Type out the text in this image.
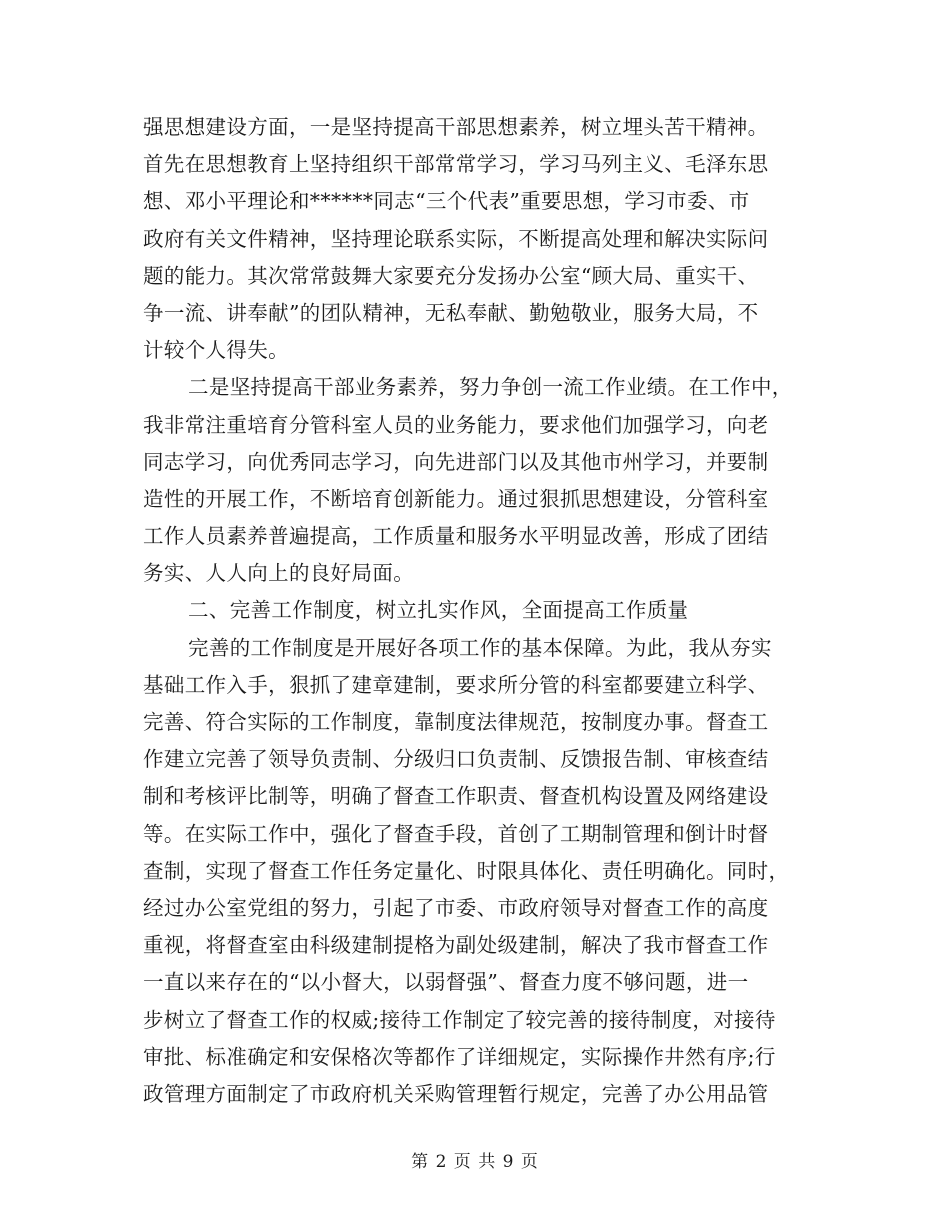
强思想建设方面，一是坚持提高干部思想素养，树立埋头苦干精神。
首先在思想教育上坚持组织干部常常学习，学习马列主义、毛泽东思
想、邓小平理论和******同志“三个代表”重要思想，学习市委、市
政府有关文件精神，坚持理论联系实际，不断提高处理和解决实际问
题的能力。其次常常鼓舞大家要充分发扬办公室“顾大局、重实干、
争一流、讲奉献”的团队精神，无私奉献、勤勉敬业，服务大局，不
计较个人得失。
二是坚持提高干部业务素养，努力争创一流工作业绩。在工作中，
我非常注重培育分管科室人员的业务能力，要求他们加强学习，向老
同志学习，向优秀同志学习，向先进部门以及其他市州学习，并要制
造性的开展工作，不断培育创新能力。通过狠抓思想建设，分管科室
工作人员素养普遍提高，工作质量和服务水平明显改善，形成了团结
务实、人人向上的良好局面。
二、完善工作制度，树立扎实作风，全面提高工作质量
完善的工作制度是开展好各项工作的基本保障。为此，我从夯实
基础工作入手，狠抓了建章建制，要求所分管的科室都要建立科学、
完善、符合实际的工作制度，靠制度法律规范，按制度办事。督查工
作建立完善了领导负责制、分级归口负责制、反馈报告制、审核查结
制和考核评比制等，明确了督查工作职责、督查机构设置及网络建设
等。在实际工作中，强化了督查手段，首创了工期制管理和倒计时督
查制，实现了督查工作任务定量化、时限具体化、责任明确化。同时，
经过办公室党组的努力，引起了市委、市政府领导对督查工作的高度
重视，将督查室由科级建制提格为副处级建制，解决了我市督查工作
一直以来存在的“以小督大，以弱督强”、督查力度不够问题，进一
步树立了督查工作的权威;接待工作制定了较完善的接待制度，对接待
审批、标准确定和安保格次等都作了详细规定，实际操作井然有序;行
政管理方面制定了市政府机关采购管理暂行规定，完善了办公用品管
第 2 页 共 9 页
